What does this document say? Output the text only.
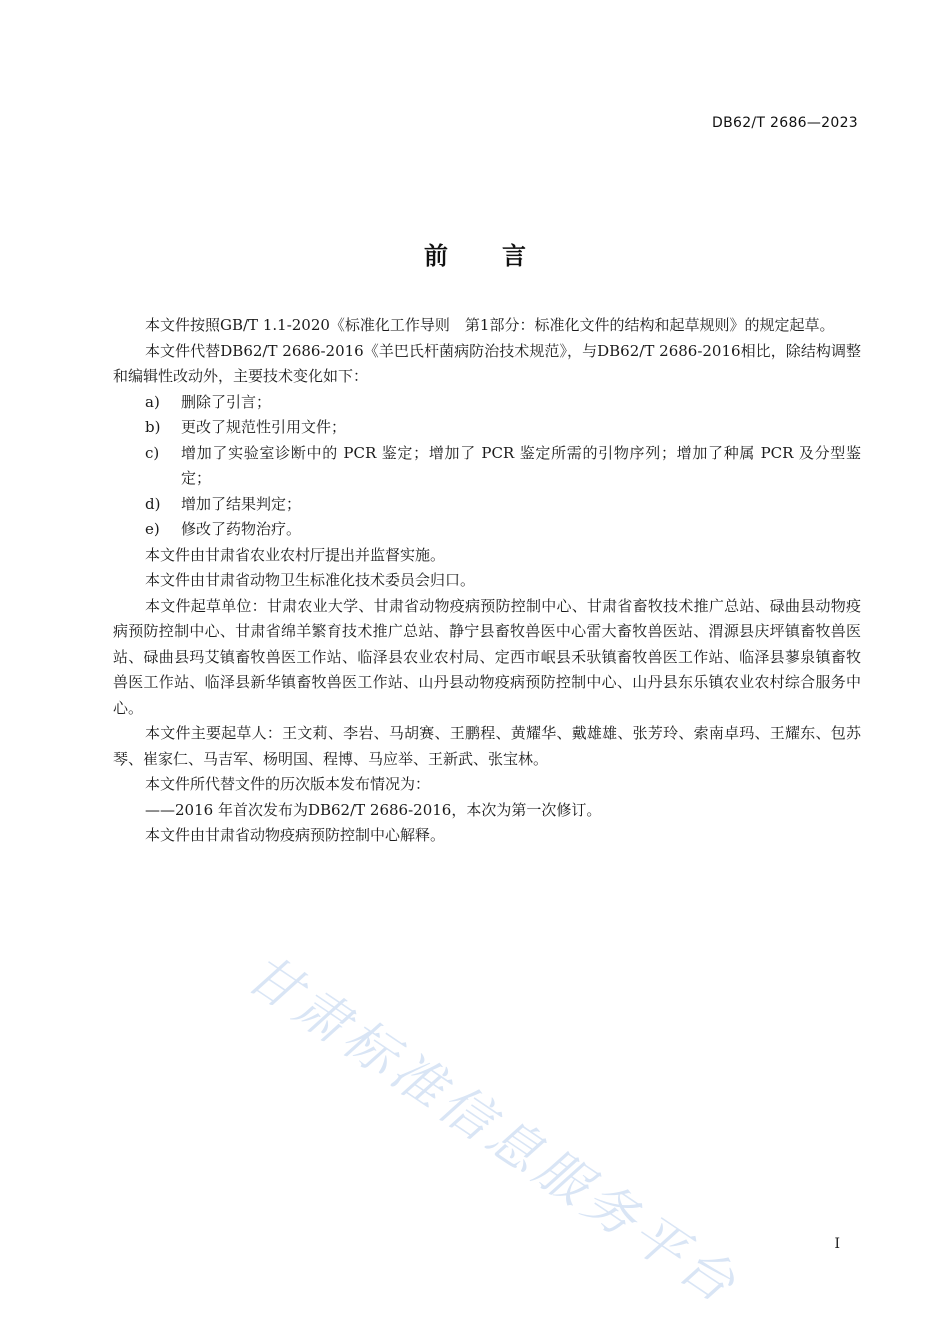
DB62/T 2686—2023
前言

本文件按照GB/T 1.1-2020《标准化工作导则　第1部分：标准化文件的结构和起草规则》的规定起草。

本文件代替DB62/T 2686-2016《羊巴氏杆菌病防治技术规范》，与DB62/T 2686-2016相比，除结构调整和编辑性改动外，主要技术变化如下：

a)	删除了引言；
b)	更改了规范性引用文件；
c)	增加了实验室诊断中的 PCR 鉴定；增加了 PCR 鉴定所需的引物序列；增加了种属 PCR 及分型鉴定；
d)	增加了结果判定；
e)	修改了药物治疗。

本文件由甘肃省农业农村厅提出并监督实施。

本文件由甘肃省动物卫生标准化技术委员会归口。

本文件起草单位：甘肃农业大学、甘肃省动物疫病预防控制中心、甘肃省畜牧技术推广总站、碌曲县动物疫病预防控制中心、甘肃省绵羊繁育技术推广总站、静宁县畜牧兽医中心雷大畜牧兽医站、渭源县庆坪镇畜牧兽医站、碌曲县玛艾镇畜牧兽医工作站、临泽县农业农村局、定西市岷县禾驮镇畜牧兽医工作站、临泽县蓼泉镇畜牧兽医工作站、临泽县新华镇畜牧兽医工作站、山丹县动物疫病预防控制中心、山丹县东乐镇农业农村综合服务中心。

本文件主要起草人：王文莉、李岩、马胡赛、王鹏程、黄耀华、戴雄雄、张芳玲、索南卓玛、王耀东、包苏琴、崔家仁、马吉军、杨明国、程博、马应举、王新武、张宝林。

本文件所代替文件的历次版本发布情况为：

——2016 年首次发布为DB62/T 2686-2016，本次为第一次修订。

本文件由甘肃省动物疫病预防控制中心解释。

甘肃标准信息服务平台	I
